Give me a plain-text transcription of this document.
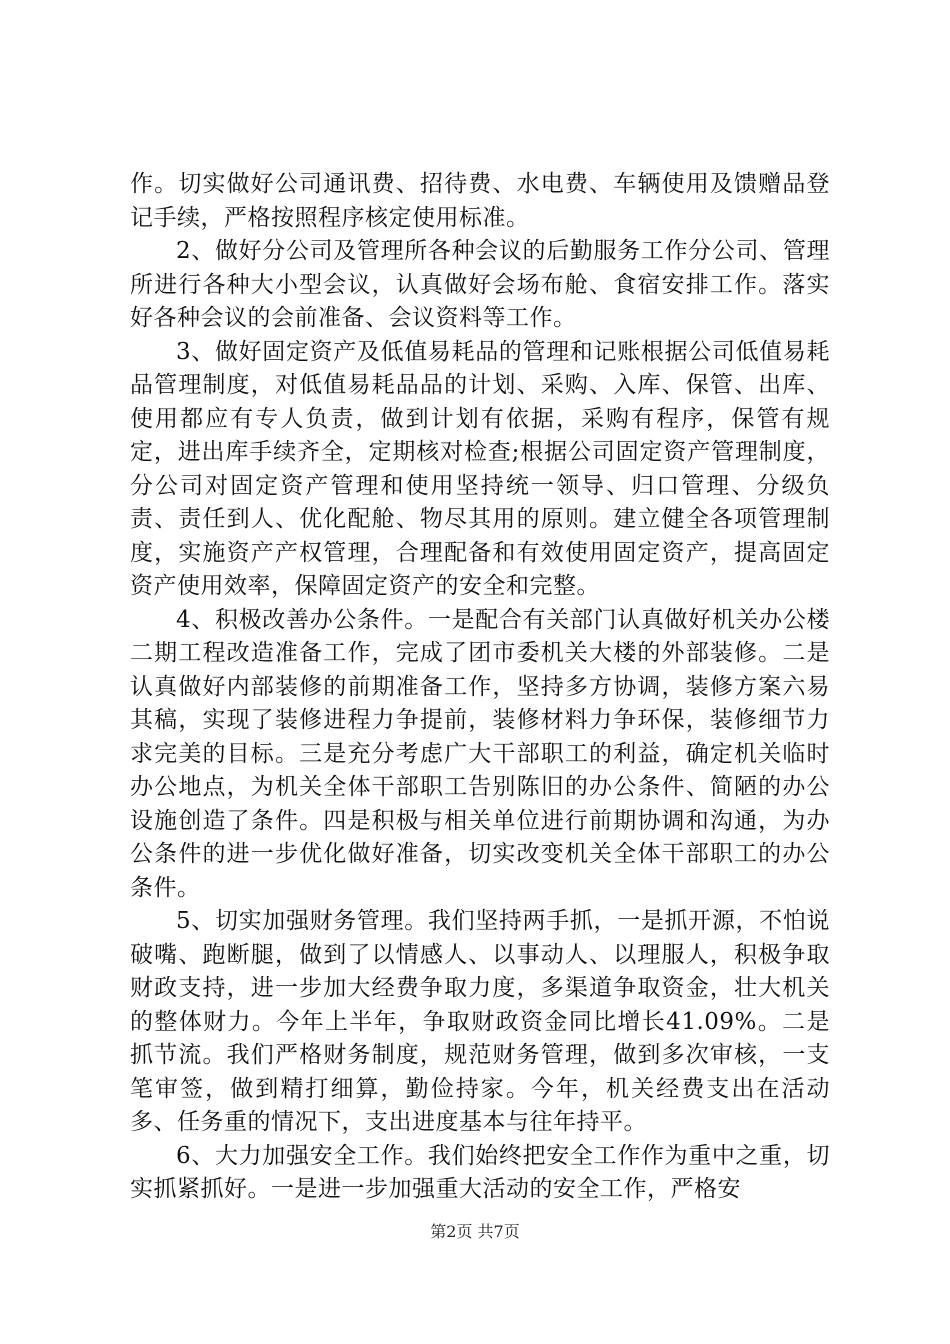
作。切实做好公司通讯费、招待费、水电费、车辆使用及馈赠品登记手续，严格按照程序核定使用标准。

2、做好分公司及管理所各种会议的后勤服务工作分公司、管理所进行各种大小型会议，认真做好会场布舱、食宿安排工作。落实好各种会议的会前准备、会议资料等工作。

3、做好固定资产及低值易耗品的管理和记账根据公司低值易耗品管理制度，对低值易耗品品的计划、采购、入库、保管、出库、使用都应有专人负责，做到计划有依据，采购有程序，保管有规定，进出库手续齐全，定期核对检查;根据公司固定资产管理制度，分公司对固定资产管理和使用坚持统一领导、归口管理、分级负责、责任到人、优化配舱、物尽其用的原则。建立健全各项管理制度，实施资产产权管理，合理配备和有效使用固定资产，提高固定资产使用效率，保障固定资产的安全和完整。

4、积极改善办公条件。一是配合有关部门认真做好机关办公楼二期工程改造准备工作，完成了团市委机关大楼的外部装修。二是认真做好内部装修的前期准备工作，坚持多方协调，装修方案六易其稿，实现了装修进程力争提前，装修材料力争环保，装修细节力求完美的目标。三是充分考虑广大干部职工的利益，确定机关临时办公地点，为机关全体干部职工告别陈旧的办公条件、简陋的办公设施创造了条件。四是积极与相关单位进行前期协调和沟通，为办公条件的进一步优化做好准备，切实改变机关全体干部职工的办公条件。

5、切实加强财务管理。我们坚持两手抓，一是抓开源，不怕说破嘴、跑断腿，做到了以情感人、以事动人、以理服人，积极争取财政支持，进一步加大经费争取力度，多渠道争取资金，壮大机关的整体财力。今年上半年，争取财政资金同比增长41.09%。二是抓节流。我们严格财务制度，规范财务管理，做到多次审核，一支笔审签，做到精打细算，勤俭持家。今年，机关经费支出在活动多、任务重的情况下，支出进度基本与往年持平。

6、大力加强安全工作。我们始终把安全工作作为重中之重，切实抓紧抓好。一是进一步加强重大活动的安全工作，严格安

第2页 共7页
